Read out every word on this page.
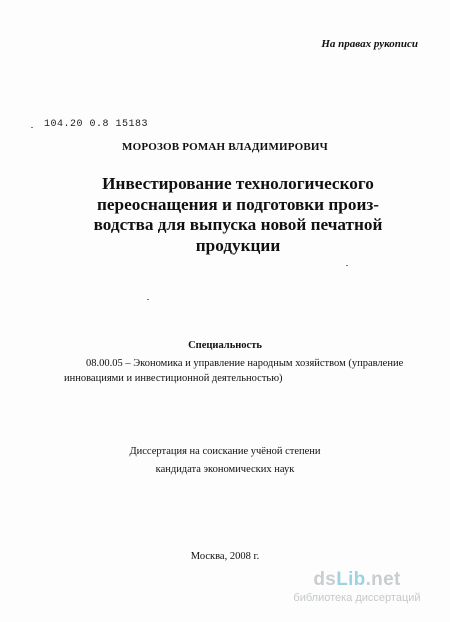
На правах рукописи
104.20 0.8 15183
МОРОЗОВ РОМАН ВЛАДИМИРОВИЧ
Инвестирование технологического
переоснащения и подготовки произ-
водства для выпуска новой печатной
продукции
Специальность
08.00.05 – Экономика и управление народным хозяйством (управление
инновациями и инвестиционной деятельностью)
Диссертация на соискание учёной степени
кандидата экономических наук
Москва, 2008 г.
dsLib.net
библиотека диссертаций
